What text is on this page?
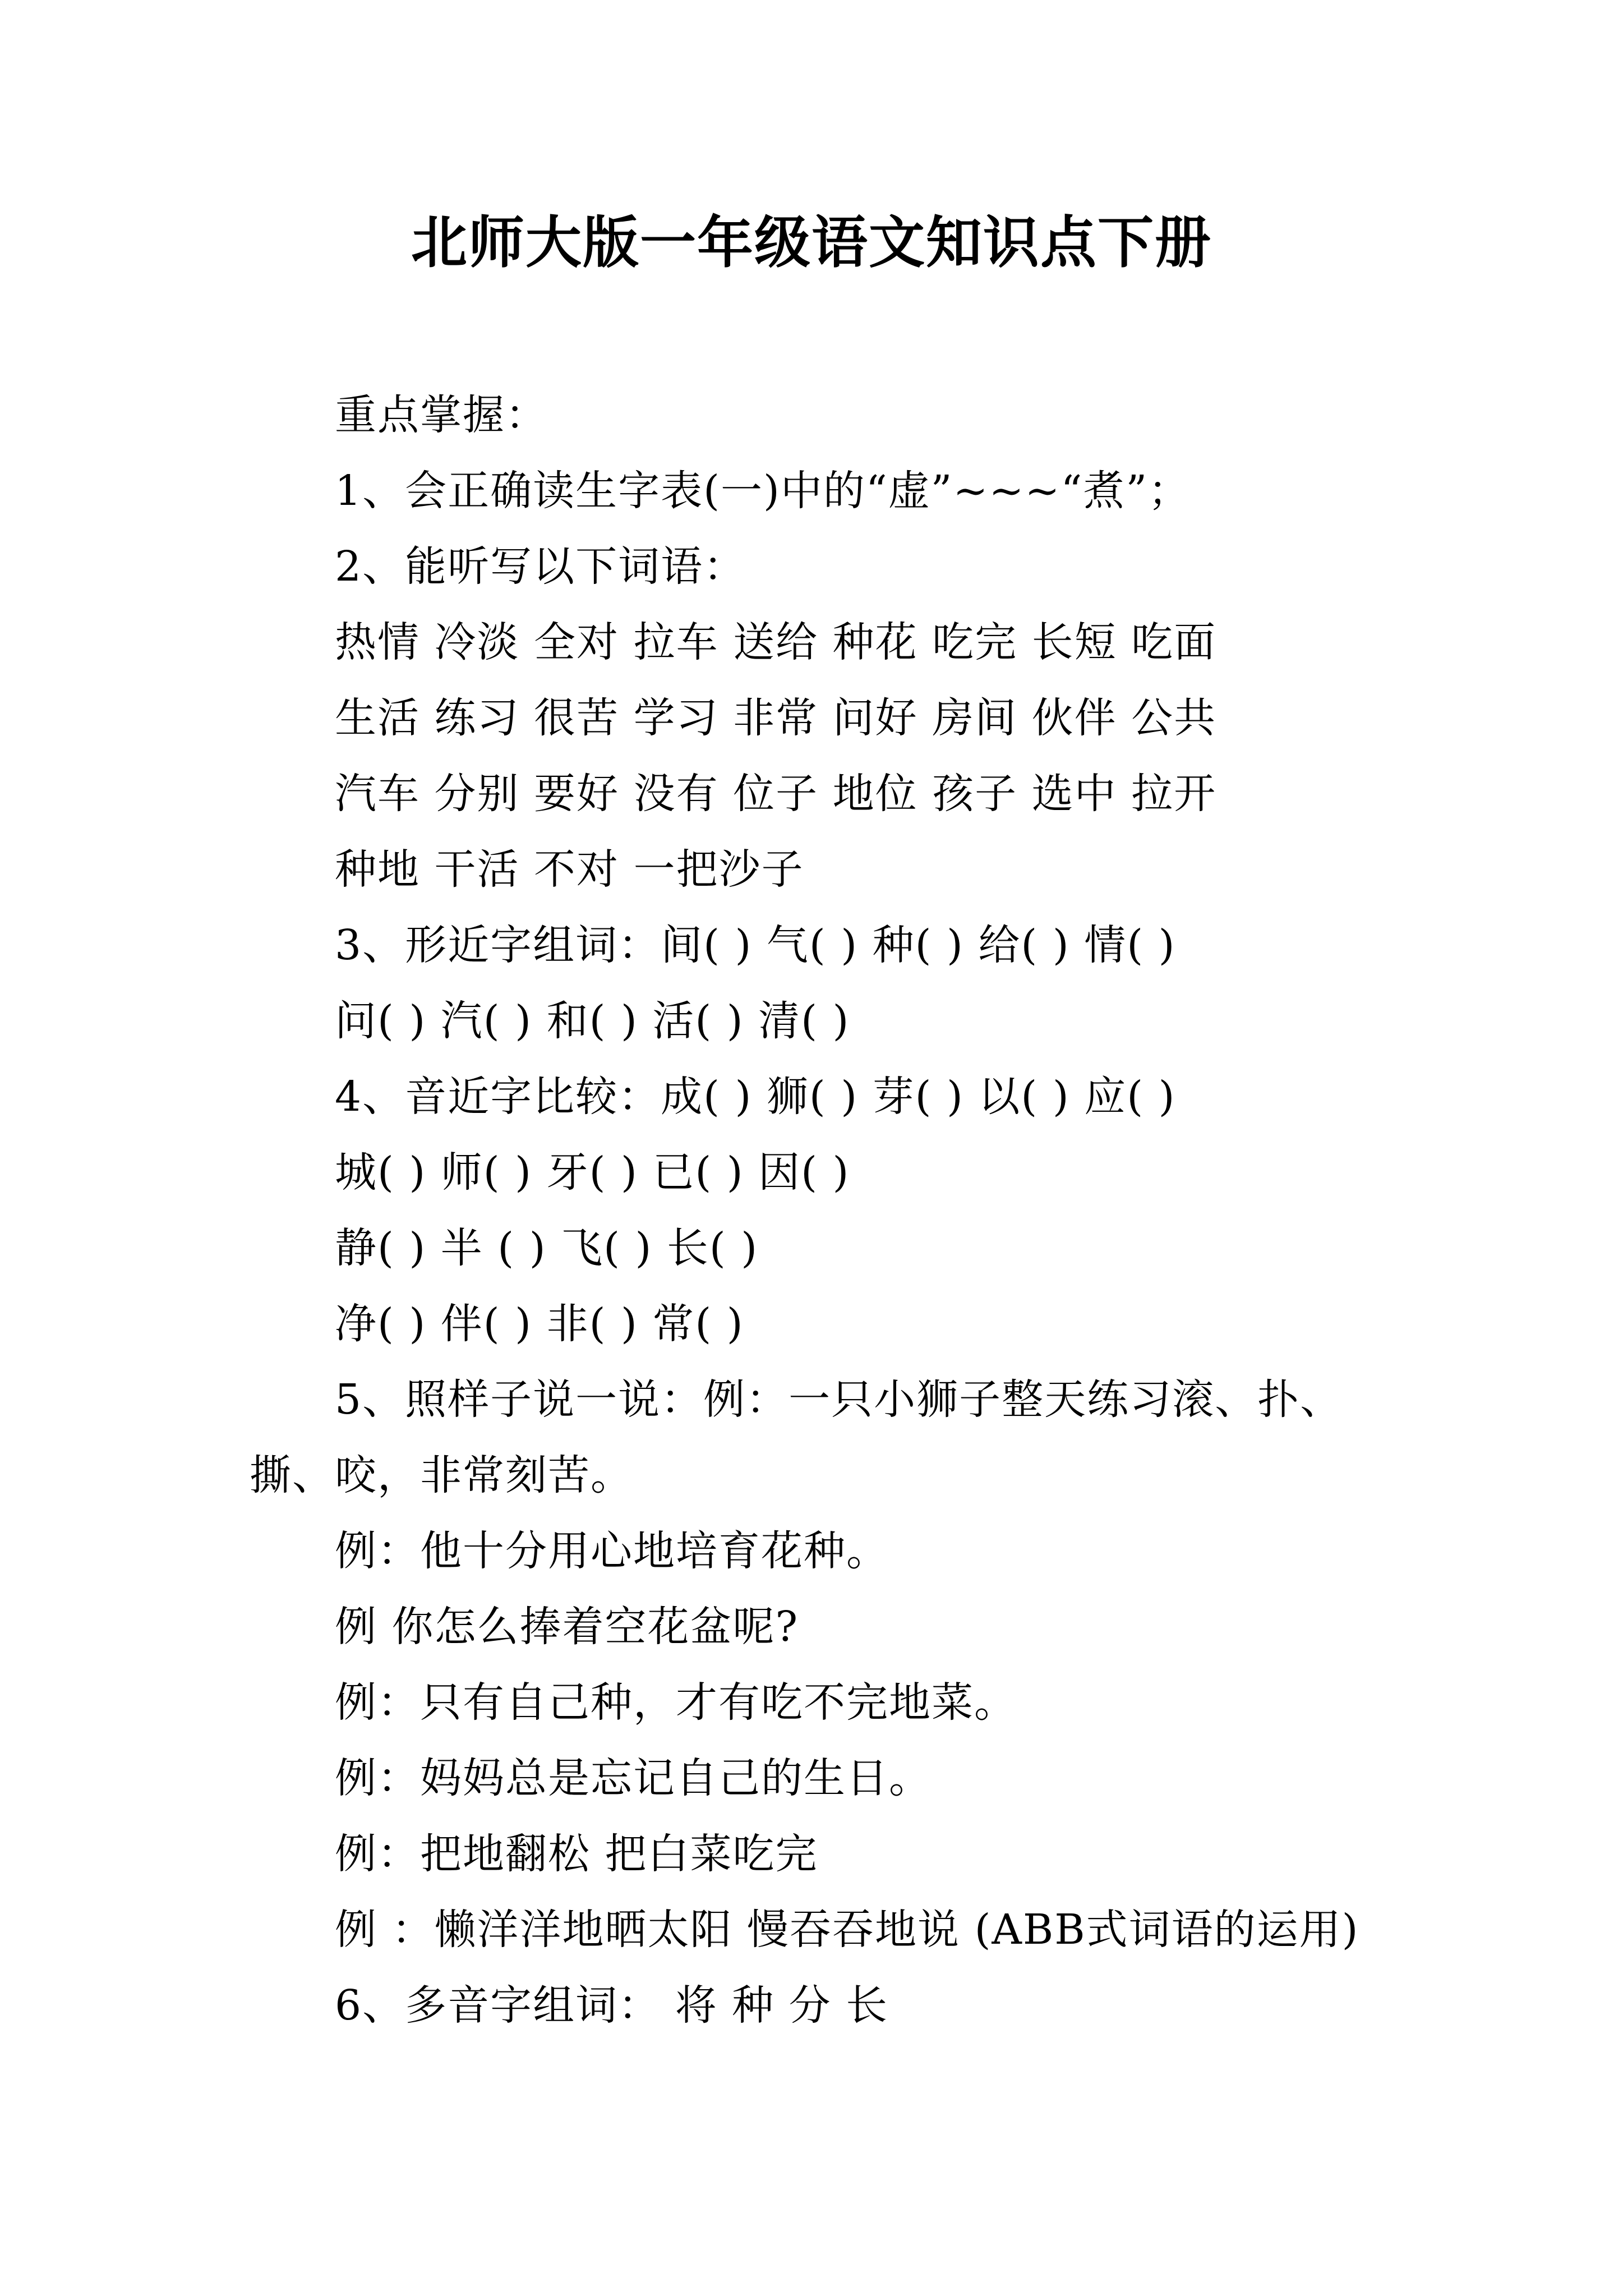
北师大版一年级语文知识点下册
重点掌握：
1、会正确读生字表(一)中的“虚”~~~“煮”；
2、能听写以下词语：
热情 冷淡 全对 拉车 送给 种花 吃完 长短 吃面
生活 练习 很苦 学习 非常 问好 房间 伙伴 公共
汽车 分别 要好 没有 位子 地位 孩子 选中 拉开
种地 干活 不对 一把沙子
3、形近字组词：间( ) 气( ) 种( ) 给( ) 情( )
问( ) 汽( ) 和( ) 活( ) 清( )
4、音近字比较：成( ) 狮( ) 芽( ) 以( ) 应( )
城( ) 师( ) 牙( ) 已( ) 因( )
静( ) 半 ( ) 飞( ) 长( )
净( ) 伴( ) 非( ) 常( )
5、照样子说一说：例：一只小狮子整天练习滚、扑、
撕、咬，非常刻苦。
例：他十分用心地培育花种。
例 你怎么捧着空花盆呢?
例：只有自己种，才有吃不完地菜。
例：妈妈总是忘记自己的生日。
例：把地翻松 把白菜吃完
例 ：懒洋洋地晒太阳 慢吞吞地说 (ABB式词语的运用)
6、多音字组词： 将 种 分 长
